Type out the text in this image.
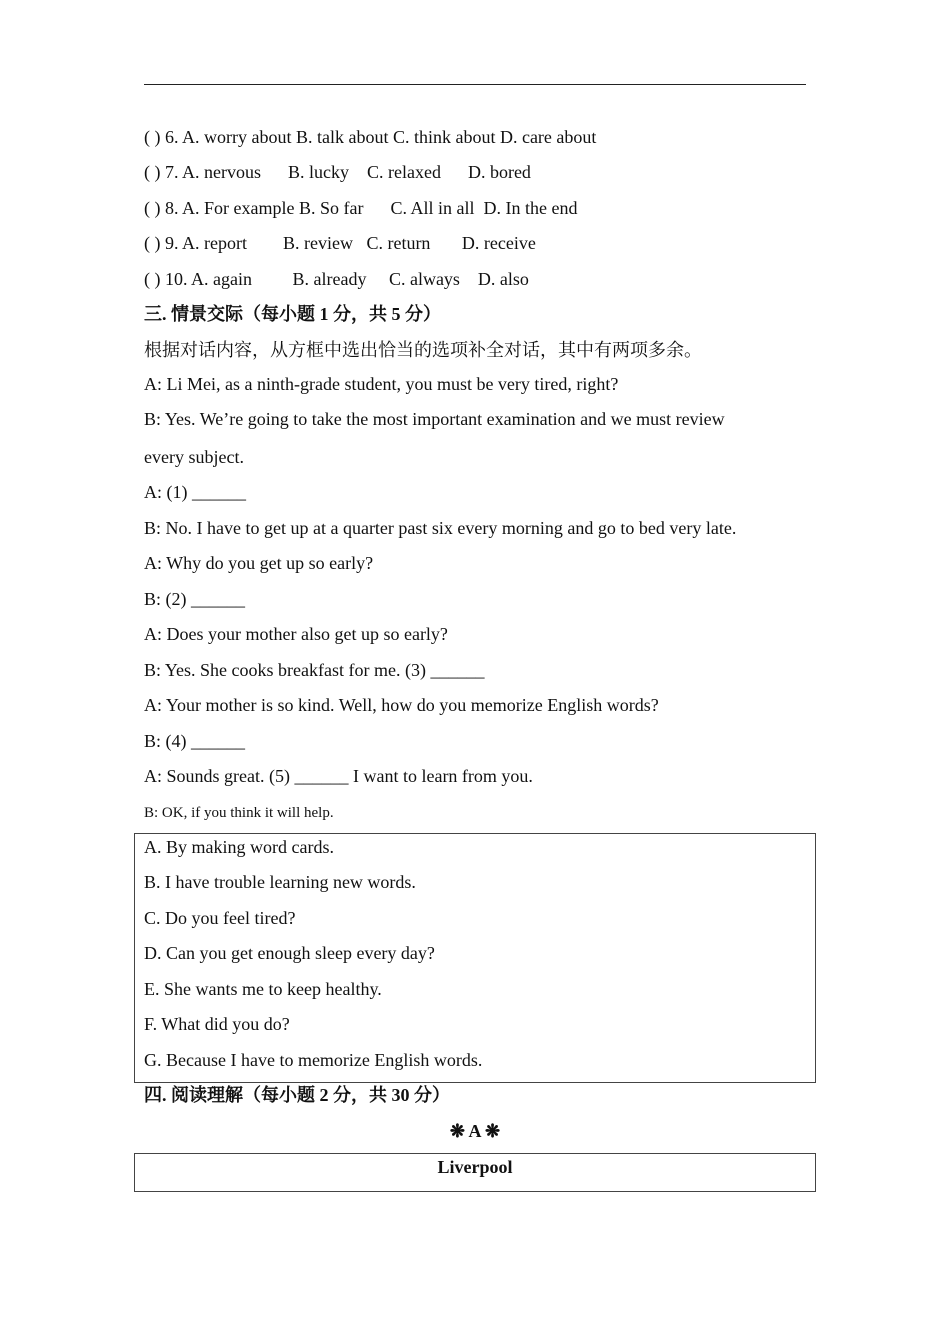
( ) 6. A. worry about B. talk about C. think about D. care about
( ) 7. A. nervous      B. lucky    C. relaxed      D. bored
( ) 8. A. For example B. So far      C. All in all  D. In the end
( ) 9. A. report        B. review   C. return       D. receive
( ) 10. A. again         B. already     C. always    D. also
三. 情景交际（每小题 1 分，共 5 分）
根据对话内容，从方框中选出恰当的选项补全对话，其中有两项多余。
A: Li Mei, as a ninth-grade student, you must be very tired, right?
B: Yes. We’re going to take the most important examination and we must review
every subject.
A: (1) ______
B: No. I have to get up at a quarter past six every morning and go to bed very late.
A: Why do you get up so early?
B: (2) ______
A: Does your mother also get up so early?
B: Yes. She cooks breakfast for me. (3) ______
A: Your mother is so kind. Well, how do you memorize English words?
B: (4) ______
A: Sounds great. (5) ______ I want to learn from you.
B: OK, if you think it will help.
A. By making word cards.
B. I have trouble learning new words.
C. Do you feel tired?
D. Can you get enough sleep every day?
E. She wants me to keep healthy.
F. What did you do?
G. Because I have to memorize English words.
四. 阅读理解（每小题 2 分，共 30 分）
❋ A ❋
Liverpool
